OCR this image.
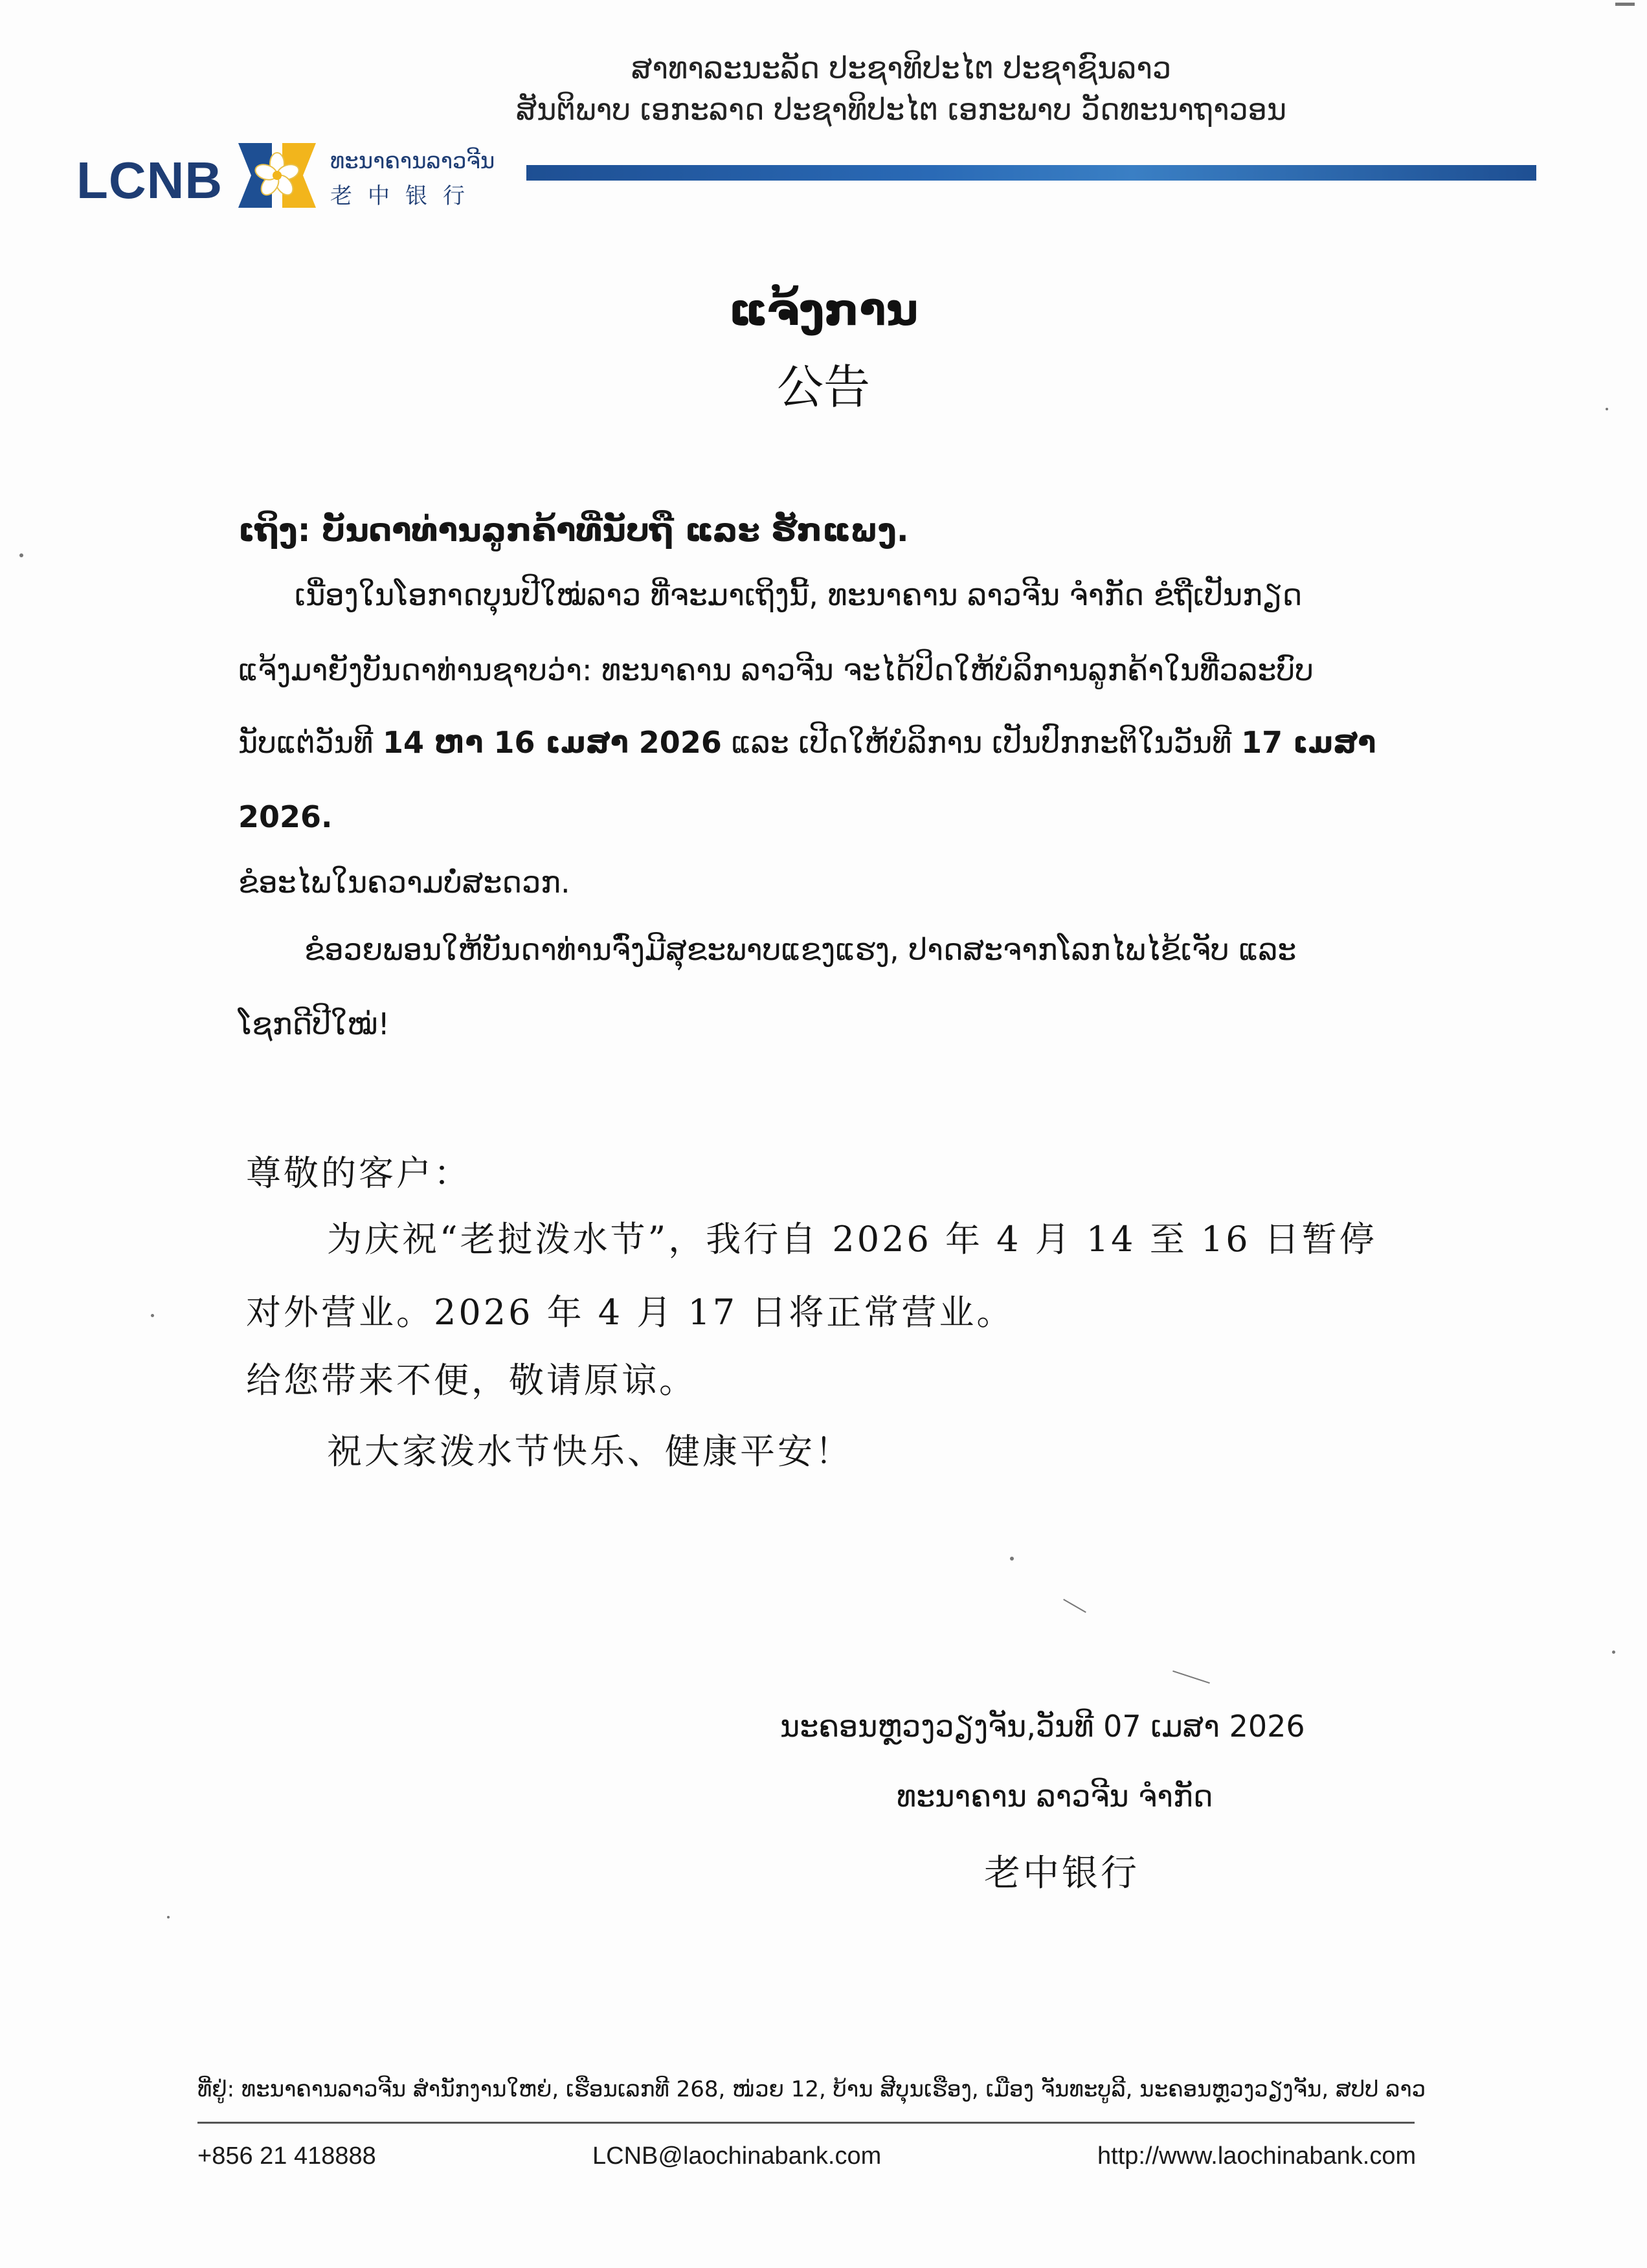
ສາທາລະນະລັດ ປະຊາທິປະໄຕ ປະຊາຊົນລາວ
ສັນຕິພາບ ເອກະລາດ ປະຊາທິປະໄຕ ເອກະພາບ ວັດທະນາຖາວອນ
LCNB	ທະນາຄານລາວຈີນ
老中银行
ແຈ້ງການ
公告
ເຖິງ: ບັນດາທ່ານລູກຄ້າທີ່ນັບຖື ແລະ ຮັກແພງ.
ເນື່ອງໃນໂອກາດບຸນປີໃໝ່ລາວ ທີ່ຈະມາເຖິງນີ້, ທະນາຄານ ລາວຈີນ ຈຳກັດ ຂໍຖືເປັນກຽດ
ແຈ້ງມາຍັງບັນດາທ່ານຊາບວ່າ: ທະນາຄານ ລາວຈີນ ຈະໄດ້ປິດໃຫ້ບໍລິການລູກຄ້າໃນທີ່ວລະບົບ
ນັບແຕ່ວັນທີ 14 ຫາ 16 ເມສາ 2026 ແລະ ເປີດໃຫ້ບໍລິການ ເປັນປົກກະຕິໃນວັນທີ 17 ເມສາ
2026.
ຂໍອະໄພໃນຄວາມບໍ່ສະດວກ.
ຂໍອວຍພອນໃຫ້ບັນດາທ່ານຈົ່ງມີສຸຂະພາບແຂງແຮງ, ປາດສະຈາກໂລກໄພໄຂ້ເຈັບ ແລະ
ໂຊກດີປີໃໝ່!
尊敬的客户：
为庆祝“老挝泼水节”，我行自 2026 年 4 月 14 至 16 日暂停
对外营业。2026 年 4 月 17 日将正常营业。
给您带来不便，敬请原谅。
祝大家泼水节快乐、健康平安！
ນະຄອນຫຼວງວຽງຈັນ,ວັນທີ 07 ເມສາ 2026
ທະນາຄານ ລາວຈີນ ຈຳກັດ
老中银行
ທີ່ຢູ່: ທະນາຄານລາວຈີນ ສຳນັກງານໃຫຍ່, ເຮືອນເລກທີ 268, ໜ່ວຍ 12, ບ້ານ ສີບຸນເຮືອງ, ເມືອງ ຈັນທະບູລີ, ນະຄອນຫຼວງວຽງຈັນ, ສປປ ລາວ
+856 21 418888	LCNB@laochinabank.com	http://www.laochinabank.com
